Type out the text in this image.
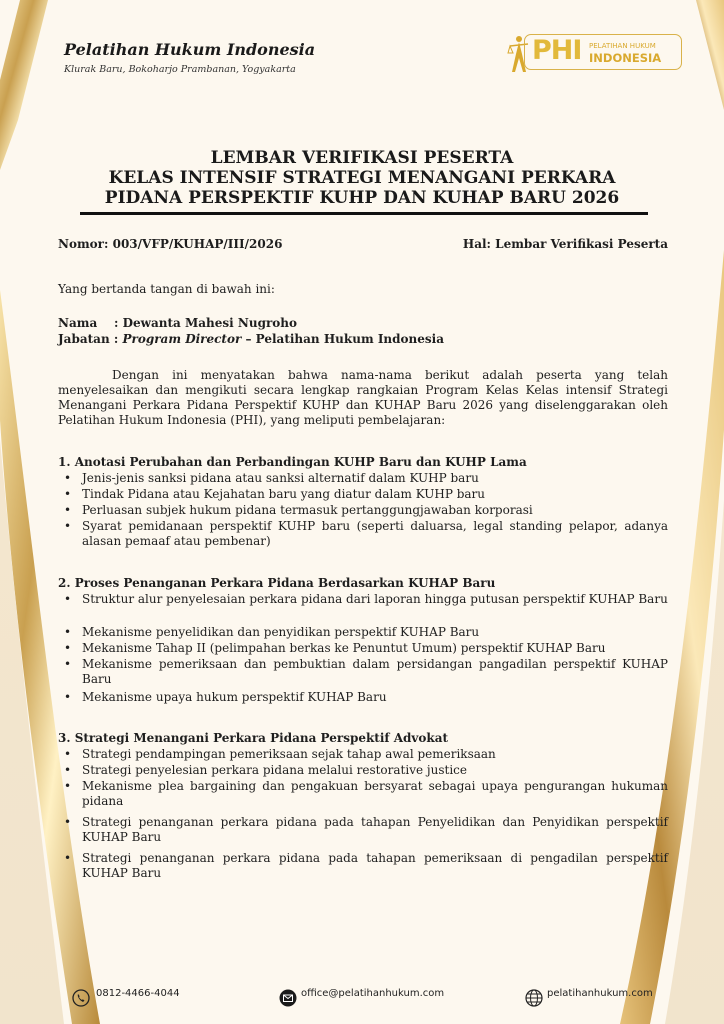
Pelatihan Hukum Indonesia
Klurak Baru, Bokoharjo Prambanan, Yogyakarta
PHI PELATIHAN HUKUM
INDONESIA
LEMBAR VERIFIKASI PESERTA
KELAS INTENSIF STRATEGI MENANGANI PERKARA
PIDANA PERSPEKTIF KUHP DAN KUHAP BARU 2026
Nomor: 003/VFP/KUHAP/III/2026	Hal: Lembar Verifikasi Peserta
Yang bertanda tangan di bawah ini:
Nama : Dewanta Mahesi Nugroho
Jabatan : Program Director – Pelatihan Hukum Indonesia
Dengan ini menyatakan bahwa nama-nama berikut adalah peserta yang telah menyelesaikan dan mengikuti secara lengkap rangkaian Program Kelas Kelas intensif Strategi Menangani Perkara Pidana Perspektif KUHP dan KUHAP Baru 2026 yang diselenggarakan oleh Pelatihan Hukum Indonesia (PHI), yang meliputi pembelajaran:
1. Anotasi Perubahan dan Perbandingan KUHP Baru dan KUHP Lama
• Jenis-jenis sanksi pidana atau sanksi alternatif dalam KUHP baru
• Tindak Pidana atau Kejahatan baru yang diatur dalam KUHP baru
• Perluasan subjek hukum pidana termasuk pertanggungjawaban korporasi
• Syarat pemidanaan perspektif KUHP baru (seperti daluarsa, legal standing pelapor, adanya alasan pemaaf atau pembenar)
2. Proses Penanganan Perkara Pidana Berdasarkan KUHAP Baru
• Struktur alur penyelesaian perkara pidana dari laporan hingga putusan perspektif KUHAP Baru
• Mekanisme penyelidikan dan penyidikan perspektif KUHAP Baru
• Mekanisme Tahap II (pelimpahan berkas ke Penuntut Umum) perspektif KUHAP Baru
• Mekanisme pemeriksaan dan pembuktian dalam persidangan pangadilan perspektif KUHAP Baru
• Mekanisme upaya hukum perspektif KUHAP Baru
3. Strategi Menangani Perkara Pidana Perspektif Advokat
• Strategi pendampingan pemeriksaan sejak tahap awal pemeriksaan
• Strategi penyelesian perkara pidana melalui restorative justice
• Mekanisme plea bargaining dan pengakuan bersyarat sebagai upaya pengurangan hukuman pidana
• Strategi penanganan perkara pidana pada tahapan Penyelidikan dan Penyidikan perspektif KUHAP Baru
• Strategi penanganan perkara pidana pada tahapan pemeriksaan di pengadilan perspektif KUHAP Baru
0812-4466-4044	office@pelatihanhukum.com	pelatihanhukum.com
